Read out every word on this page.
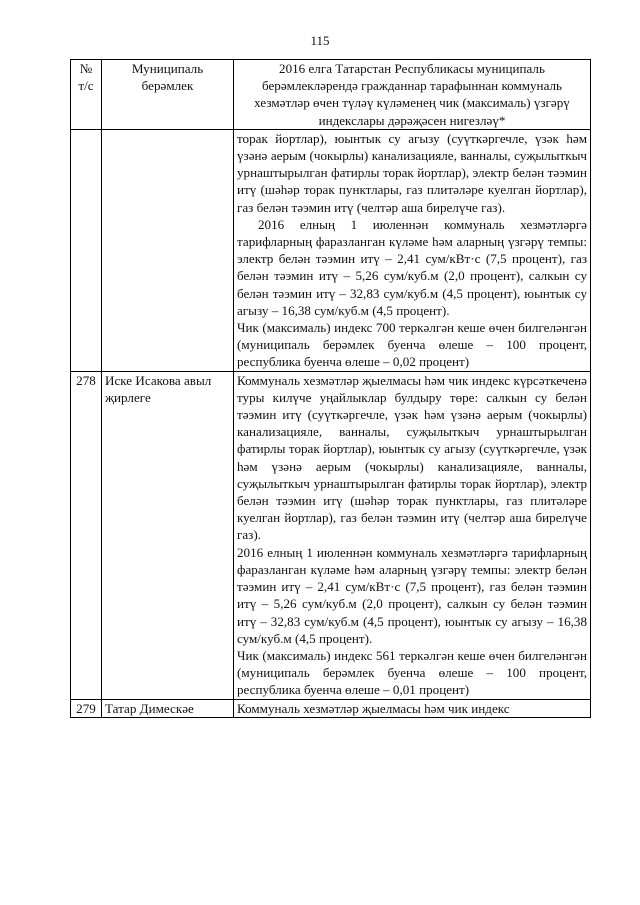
115
№ т/с	Муниципаль берәмлек	2016 елга Татарстан Республикасы муниципаль берәмлекләрендә гражданнар тарафыннан коммуналь хезмәтләр өчен түләү күләменең чик (максималь) үзгәрү индекслары дәрәҗәсен нигезләү*

		торак йортлар), юынтык су агызу (суүткәргечле, үзәк һәм үзәнә аерым (чокырлы) канализацияле, ванналы, суҗылыткыч урнаштырылган фатирлы торак йортлар), электр белән тәэмин итү (шәһәр торак пунктлары, газ плитәләре куелган йортлар), газ белән тәэмин итү (челтәр аша бирелүче газ).
2016 елның 1 июленнән коммуналь хезмәтләргә тарифларның фаразланган күләме һәм аларның үзгәрү темпы: электр белән тәэмин итү – 2,41 сум/кВт·с (7,5 процент), газ белән тәэмин итү – 5,26 сум/куб.м (2,0 процент), салкын су белән тәэмин итү – 32,83 сум/куб.м (4,5 процент), юынтык су агызу – 16,38 сум/куб.м (4,5 процент).
Чик (максималь) индекс 700 теркәлгән кеше өчен билгеләнгән (муниципаль берәмлек буенча өлеше – 100 процент, республика буенча өлеше – 0,02 процент)

278	Иске Исакова авыл җирлеге	Коммуналь хезмәтләр җыелмасы һәм чик индекс күрсәткеченә туры килүче уңайлыклар булдыру төре: салкын су белән тәэмин итү (суүткәргечле, үзәк һәм үзәнә аерым (чокырлы) канализацияле, ванналы, суҗылыткыч урнаштырылган фатирлы торак йортлар), юынтык су агызу (суүткәргечле, үзәк һәм үзәнә аерым (чокырлы) канализацияле, ванналы, суҗылыткыч урнаштырылган фатирлы торак йортлар), электр белән тәэмин итү (шәһәр торак пунктлары, газ плитәләре куелган йортлар), газ белән тәэмин итү (челтәр аша бирелүче газ).
2016 елның 1 июленнән коммуналь хезмәтләргә тарифларның фаразланган күләме һәм аларның үзгәрү темпы: электр белән тәэмин итү – 2,41 сум/кВт·с (7,5 процент), газ белән тәэмин итү – 5,26 сум/куб.м (2,0 процент), салкын су белән тәэмин итү – 32,83 сум/куб.м (4,5 процент), юынтык су агызу – 16,38 сум/куб.м (4,5 процент).
Чик (максималь) индекс 561 теркәлгән кеше өчен билгеләнгән (муниципаль берәмлек буенча өлеше – 100 процент, республика буенча өлеше – 0,01 процент)

279	Татар Димескәе	Коммуналь хезмәтләр җыелмасы һәм чик индекс
